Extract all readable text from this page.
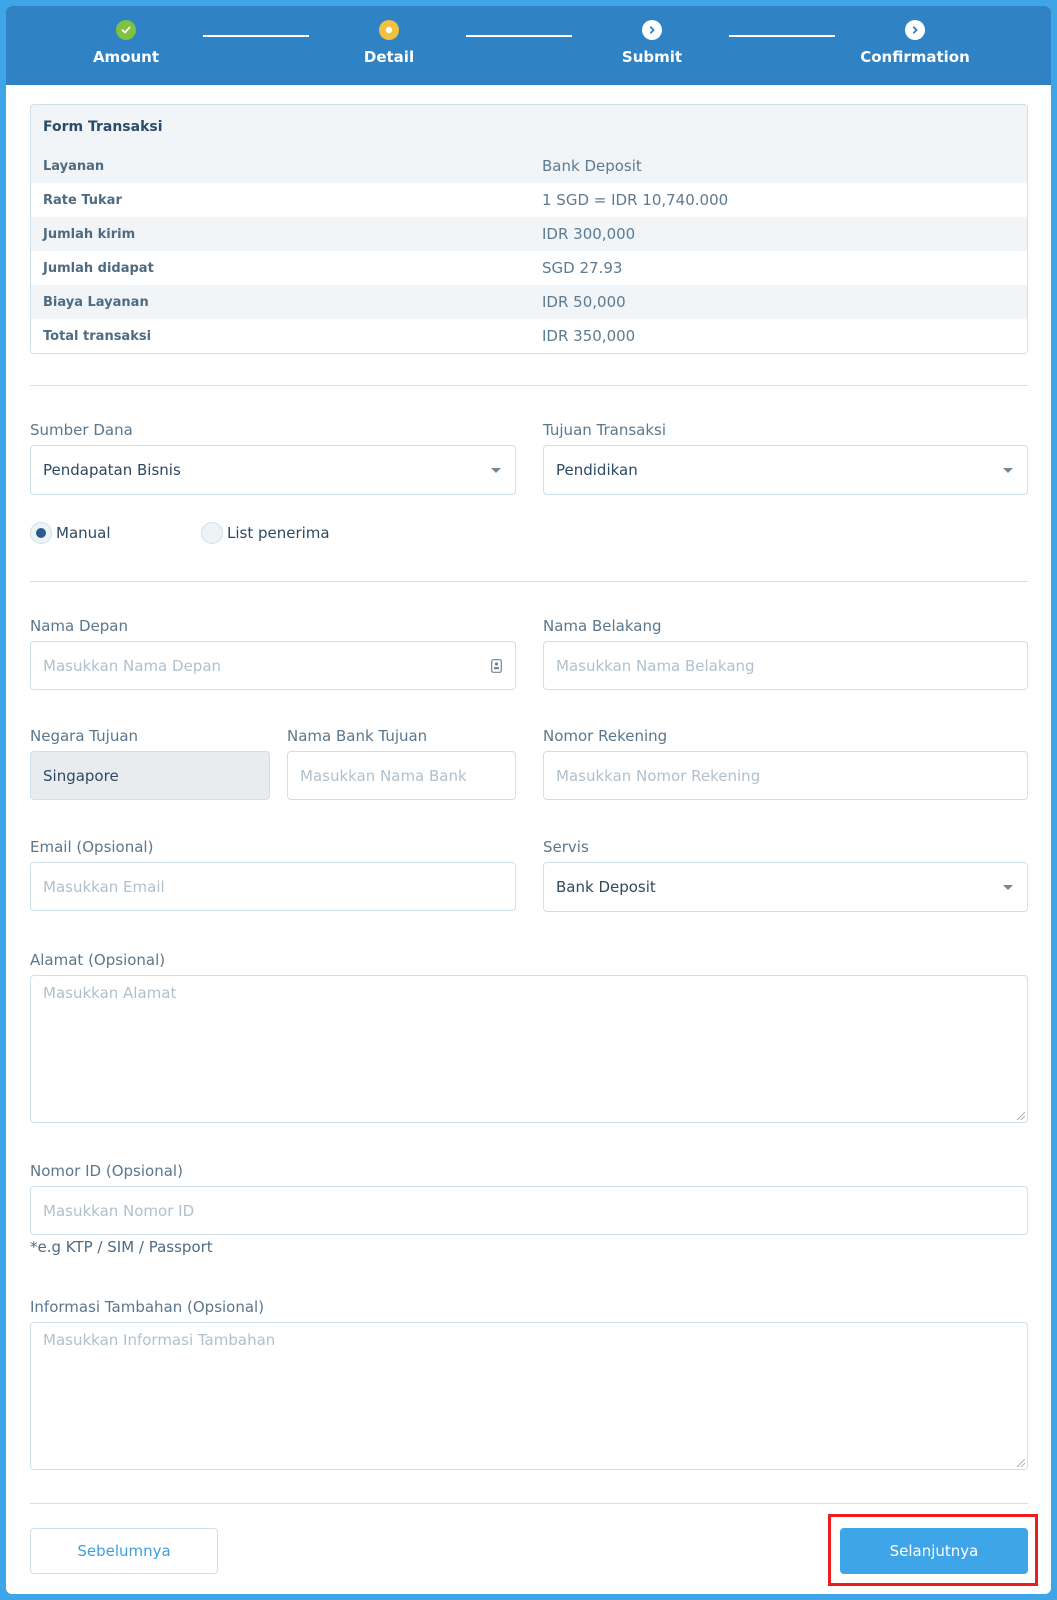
Amount	Detail	Submit	Confirmation
Form Transaksi
Layanan	Bank Deposit
Rate Tukar	1 SGD = IDR 10,740.000
Jumlah kirim	IDR 300,000
Jumlah didapat	SGD 27.93
Biaya Layanan	IDR 50,000
Total transaksi	IDR 350,000
Sumber Dana
Pendapatan Bisnis
Tujuan Transaksi
Pendidikan
Manual	List penerima
Nama Depan
Masukkan Nama Depan	Nama Belakang
Masukkan Nama Belakang
Negara Tujuan
Singapore
Nama Bank Tujuan
Masukkan Nama Bank	Nomor Rekening
Masukkan Nomor Rekening
Email (Opsional)
Masukkan Email	Servis
Bank Deposit
Alamat (Opsional)
Masukkan Alamat
Nomor ID (Opsional)
Masukkan Nomor ID
*e.g KTP / SIM / Passport
Informasi Tambahan (Opsional)
Masukkan Informasi Tambahan
Sebelumnya	Selanjutnya
